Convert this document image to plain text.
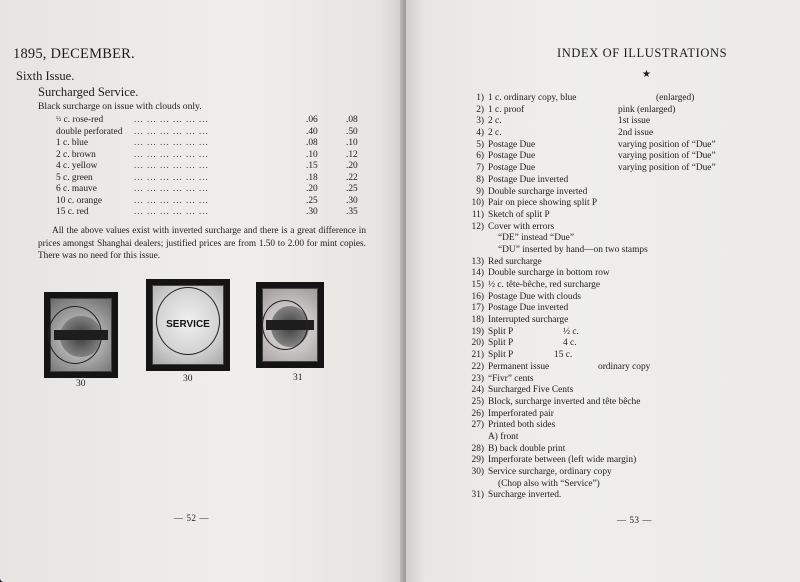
1895, DECEMBER.
Sixth Issue.
Surcharged Service.
Black surcharge on issue with clouds only.
½ c. rose-red	... ... ... ... ... ...	.06	.08
double perforated ... ... ... ... ... ...	.40	.50
1 c. blue	... ... ... ... ... ...	.08	.10
2 c. brown	... ... ... ... ... ...	.10	.12
4 c. yellow	... ... ... ... ... ...	.15	.20
5 c. green	... ... ... ... ... ...	.18	.22
6 c. mauve	... ... ... ... ... ...	.20	.25
10 c. orange	... ... ... ... ... ...	.25	.30
15 c. red	... ... ... ... ... ...	.30	.35
All the above values exist with inverted surcharge and there is a great difference in prices amongst Shanghai dealers; justified prices are from 1.50 to 2.00 for mint copies. There was no need for this issue.
30
SERVICE
30	31
— 52 —
INDEX OF ILLUSTRATIONS
★
1) 1 c. ordinary copy, blue	(enlarged)
2) 1 c. proof	pink (enlarged)
3) 2 c.	1st issue
4) 2 c.	2nd issue
5) Postage Due	varying position of “Due”
6) Postage Due	varying position of “Due”
7) Postage Due	varying position of “Due”
8) Postage Due inverted
9) Double surcharge inverted
10) Pair on piece showing split P
11) Sketch of split P
12) Cover with errors
“DE” instead “Due”
“DU” inserted by hand—on two stamps
13) Red surcharge
14) Double surcharge in bottom row
15) ½ c. tête-bêche, red surcharge
16) Postage Due with clouds
17) Postage Due inverted
18) Interrupted surcharge
19) Split P	½ c.
20) Split P	4 c.
21) Split P	15 c.
22) Permanent issue	ordinary copy
23) “Fivr” cents
24) Surcharged Five Cents
25) Block, surcharge inverted and tête bêche
26) Imperforated pair
27) Printed both sides
A) front
28) B) back double print
29) Imperforate between (left wide margin)
30) Service surcharge, ordinary copy
(Chop also with “Service”)
31) Surcharge inverted.
— 53 —
